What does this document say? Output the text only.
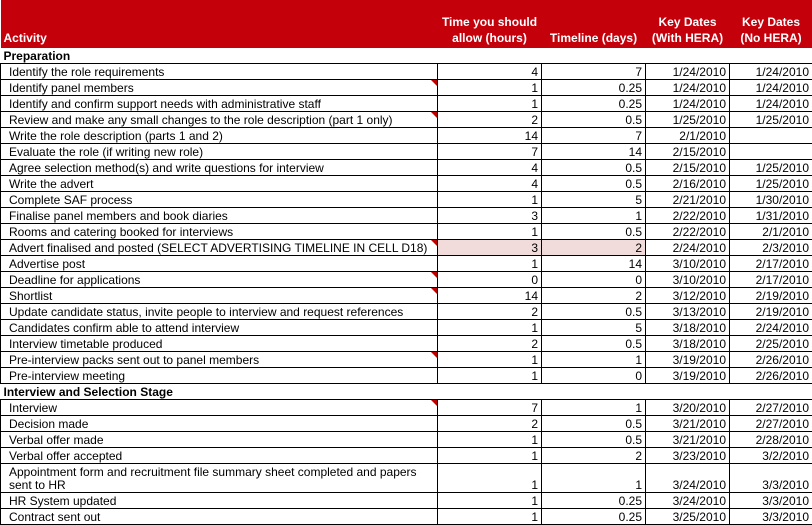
Activity	Time you should allow (hours)	Timeline (days)	Key Dates (With HERA)	Key Dates (No HERA)
Preparation				
Identify the role requirements	4	7	1/24/2010	1/24/2010
Identify panel members	1	0.25	1/24/2010	1/24/2010
Identify and confirm support needs with administrative staff	1	0.25	1/24/2010	1/24/2010
Review and make any small changes to the role description (part 1 only)	2	0.5	1/25/2010	1/25/2010
Write the role description (parts 1 and 2)	14	7	2/1/2010	
Evaluate the role (if writing new role)	7	14	2/15/2010	
Agree selection method(s) and write questions for interview	4	0.5	2/15/2010	1/25/2010
Write the advert	4	0.5	2/16/2010	1/25/2010
Complete SAF process	1	5	2/21/2010	1/30/2010
Finalise panel members and book diaries	3	1	2/22/2010	1/31/2010
Rooms and catering booked for interviews	1	0.5	2/22/2010	2/1/2010
Advert finalised and posted (SELECT ADVERTISING TIMELINE IN CELL D18)	3	2	2/24/2010	2/3/2010
Advertise post	1	14	3/10/2010	2/17/2010
Deadline for applications	0	0	3/10/2010	2/17/2010
Shortlist	14	2	3/12/2010	2/19/2010
Update candidate status, invite people to interview and request references	2	0.5	3/13/2010	2/19/2010
Candidates confirm able to attend interview	1	5	3/18/2010	2/24/2010
Interview timetable produced	2	0.5	3/18/2010	2/25/2010
Pre-interview packs sent out to panel members	1	1	3/19/2010	2/26/2010
Pre-interview meeting	1	0	3/19/2010	2/26/2010
Interview and Selection Stage				
Interview	7	1	3/20/2010	2/27/2010
Decision made	2	0.5	3/21/2010	2/27/2010
Verbal offer made	1	0.5	3/21/2010	2/28/2010
Verbal offer accepted	1	2	3/23/2010	3/2/2010
Appointment form and recruitment file summary sheet completed and papers sent to HR	1	1	3/24/2010	3/3/2010
HR System updated	1	0.25	3/24/2010	3/3/2010
Contract sent out	1	0.25	3/25/2010	3/3/2010
